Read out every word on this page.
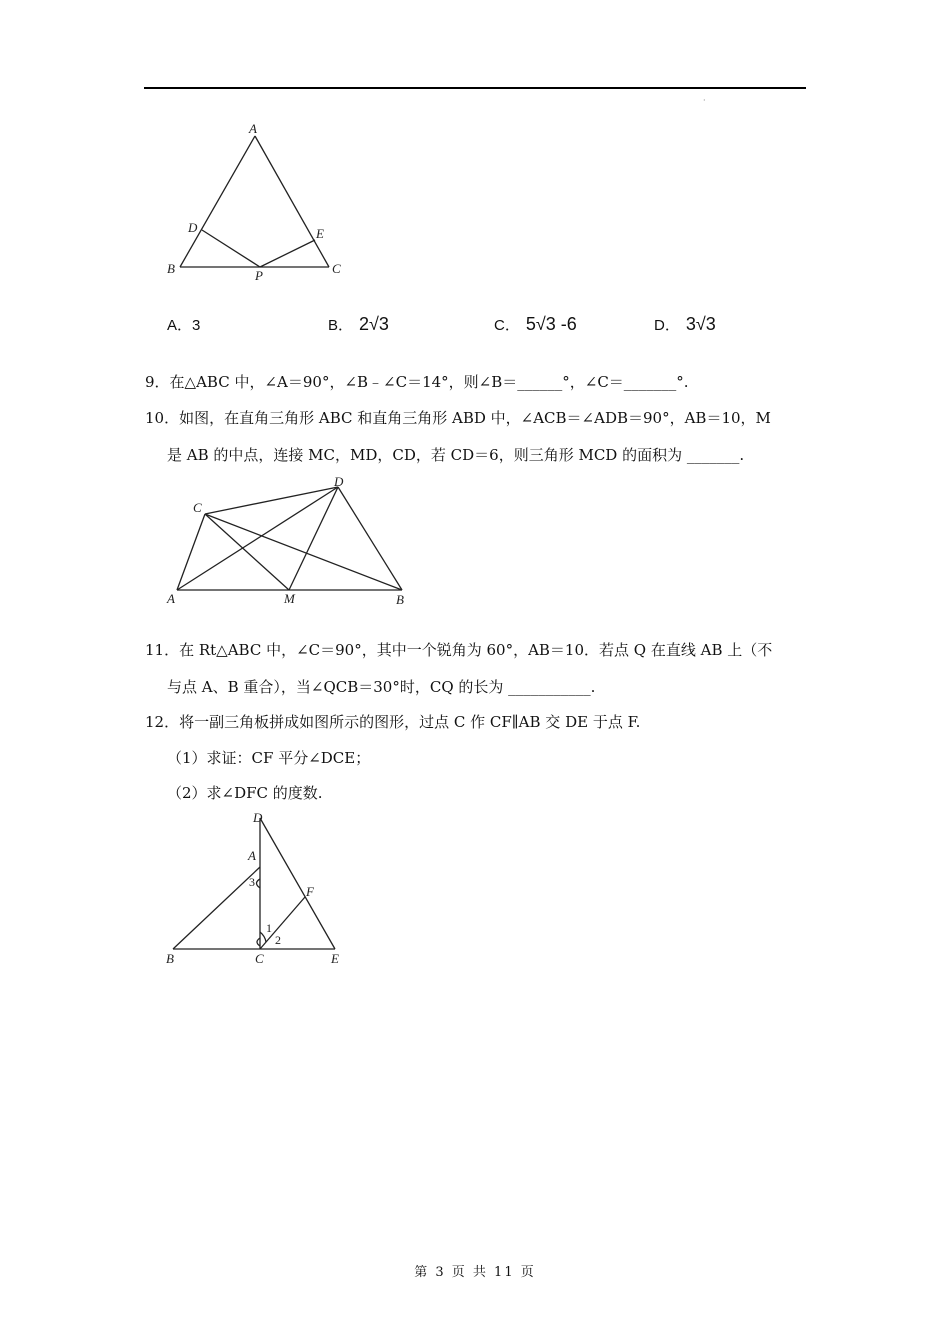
·
A
B	C
D	E
P
A．3	B． 2√3	C． 5√3 -6	D． 3√3
9．在△ABC 中，∠A＝90°，∠B﹣∠C＝14°，则∠B＝______°，∠C＝_______°.
10．如图，在直角三角形 ABC 和直角三角形 ABD 中，∠ACB＝∠ADB＝90°，AB＝10，M
是 AB 的中点，连接 MC，MD，CD，若 CD＝6，则三角形 MCD 的面积为 _______.
A	B
C
D
M
11．在 Rt△ABC 中，∠C＝90°，其中一个锐角为 60°，AB＝10．若点 Q 在直线 AB 上（不
与点 A、B 重合），当∠QCB＝30°时，CQ 的长为 ___________.
12．将一副三角板拼成如图所示的图形，过点 C 作 CF∥AB 交 DE 于点 F.
（1）求证：CF 平分∠DCE；
（2）求∠DFC 的度数.
A
B	C
D
E
F
1
2
3
第 3 页 共 11 页
